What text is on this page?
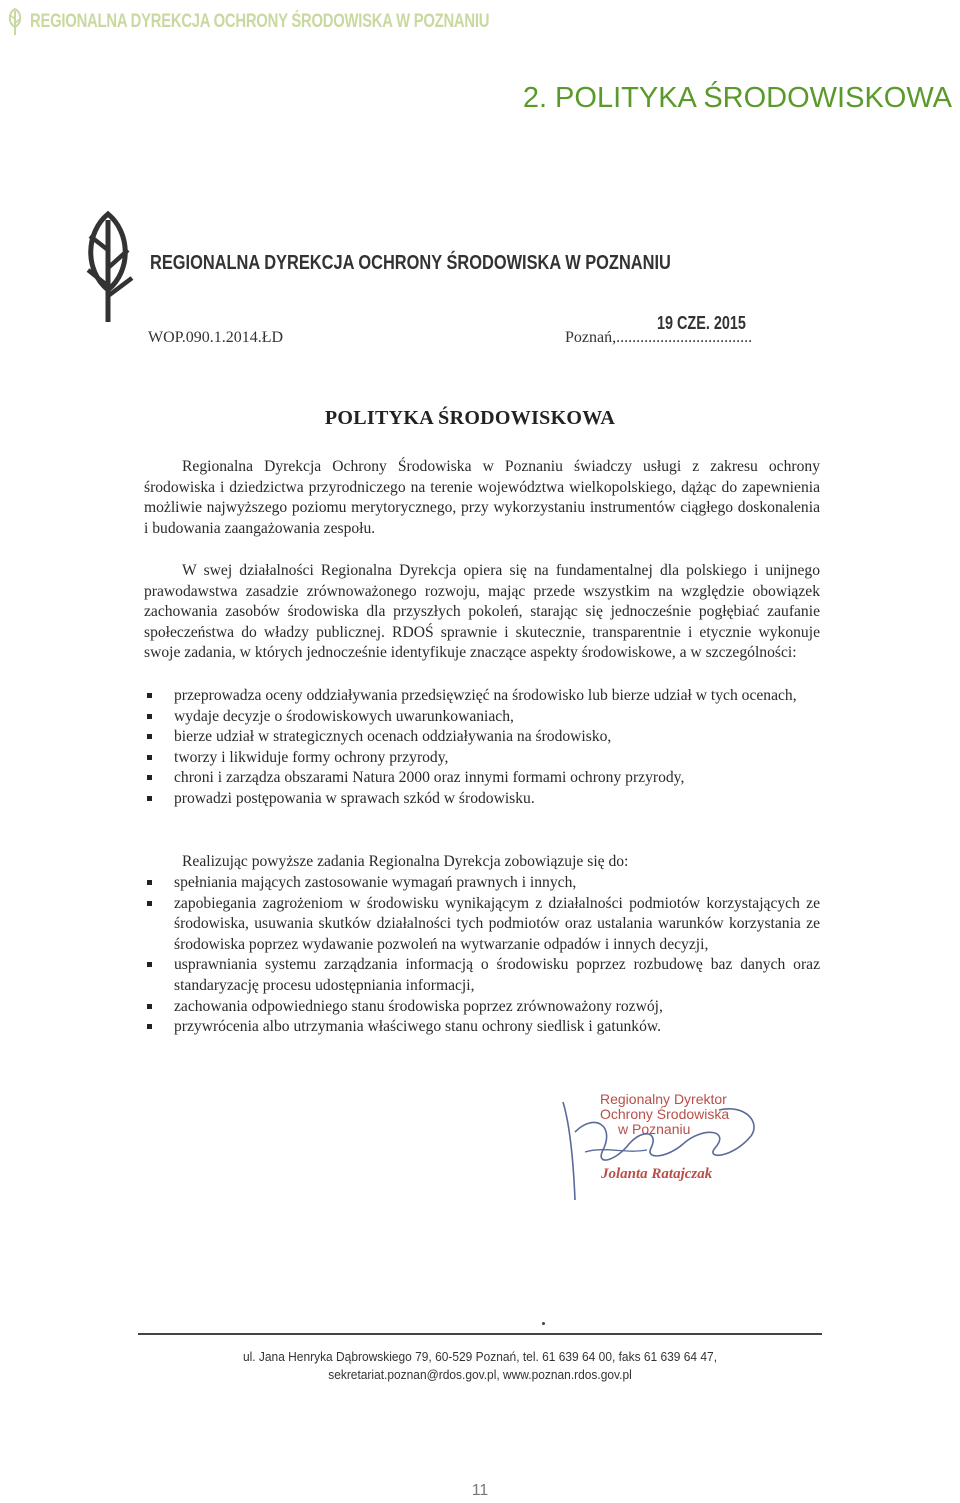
REGIONALNA DYREKCJA OCHRONY ŚRODOWISKA W POZNANIU
2. POLITYKA ŚRODOWISKOWA
REGIONALNA DYREKCJA OCHRONY ŚRODOWISKA W POZNANIU
WOP.090.1.2014.ŁD
19 CZE. 2015
Poznań,..................................
POLITYKA ŚRODOWISKOWA
Regionalna Dyrekcja Ochrony Środowiska w Poznaniu świadczy usługi z zakresu ochrony środowiska i dziedzictwa przyrodniczego na terenie województwa wielkopolskiego, dążąc do zapewnienia możliwie najwyższego poziomu merytorycznego, przy wykorzystaniu instrumentów ciągłego doskonalenia i budowania zaangażowania zespołu.
W swej działalności Regionalna Dyrekcja opiera się na fundamentalnej dla polskiego i unijnego prawodawstwa zasadzie zrównoważonego rozwoju, mając przede wszystkim na względzie obowiązek zachowania zasobów środowiska dla przyszłych pokoleń, starając się jednocześnie pogłębiać zaufanie społeczeństwa do władzy publicznej. RDOŚ sprawnie i skutecznie, transparentnie i etycznie wykonuje swoje zadania, w których jednocześnie identyfikuje znaczące aspekty środowiskowe, a w szczególności:
przeprowadza oceny oddziaływania przedsięwzięć na środowisko lub bierze udział w tych ocenach,
wydaje decyzje o środowiskowych uwarunkowaniach,
bierze udział w strategicznych ocenach oddziaływania na środowisko,
tworzy i likwiduje formy ochrony przyrody,
chroni i zarządza obszarami Natura 2000 oraz innymi formami ochrony przyrody,
prowadzi postępowania w sprawach szkód w środowisku.
Realizując powyższe zadania Regionalna Dyrekcja zobowiązuje się do:
spełniania mających zastosowanie wymagań prawnych i innych,
zapobiegania zagrożeniom w środowisku wynikającym z działalności podmiotów korzystających ze środowiska, usuwania skutków działalności tych podmiotów oraz ustalania warunków korzystania ze środowiska poprzez wydawanie pozwoleń na wytwarzanie odpadów i innych decyzji,
usprawniania systemu zarządzania informacją o środowisku poprzez rozbudowę baz danych oraz standaryzację procesu udostępniania informacji,
zachowania odpowiedniego stanu środowiska poprzez zrównoważony rozwój,
przywrócenia albo utrzymania właściwego stanu ochrony siedlisk i gatunków.
Regionalny Dyrektor
Ochrony Środowiska
w Poznaniu
Jolanta Ratajczak
ul. Jana Henryka Dąbrowskiego 79, 60-529 Poznań, tel. 61 639 64 00, faks 61 639 64 47,
sekretariat.poznan@rdos.gov.pl, www.poznan.rdos.gov.pl
11
